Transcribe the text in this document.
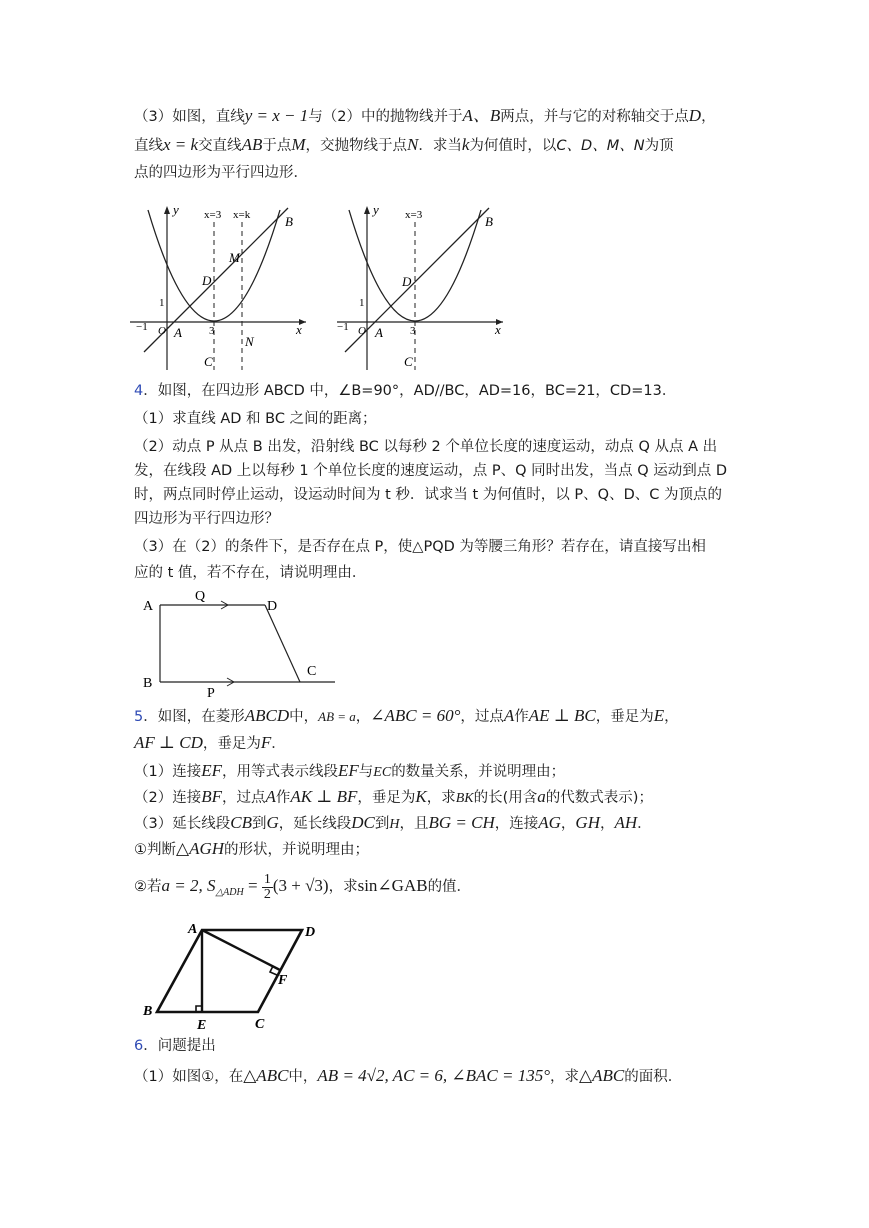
（3）如图，直线y = x − 1与（2）中的抛物线并于A、B两点，并与它的对称轴交于点D，
直线x = k交直线AB于点M，交抛物线于点N．求当k为何值时，以C、D、M、N为顶
点的四边形为平行四边形．
y
x
O
−1
1
3
A
B
C
D
M
N
x=3 x=k	y
x
O
−1
1
3
A
B
C
D
x=3
4．如图，在四边形 ABCD 中，∠B=90°，AD//BC，AD=16，BC=21，CD=13．
（1）求直线 AD 和 BC 之间的距离；
（2）动点 P 从点 B 出发，沿射线 BC 以每秒 2 个单位长度的速度运动，动点 Q 从点 A 出
发，在线段 AD 上以每秒 1 个单位长度的速度运动，点 P、Q 同时出发，当点 Q 运动到点 D
时，两点同时停止运动，设运动时间为 t 秒．试求当 t 为何值时，以 P、Q、D、C 为顶点的
四边形为平行四边形？
（3）在（2）的条件下，是否存在点 P，使△PQD 为等腰三角形？若存在，请直接写出相
应的 t 值，若不存在，请说明理由．
A
B
C
D
P
Q
5．如图，在菱形ABCD中，AB = a，∠ABC = 60°，过点A作AE ⊥ BC，垂足为E，
AF ⊥ CD，垂足为F．
（1）连接EF，用等式表示线段EF与EC的数量关系，并说明理由；
（2）连接BF，过点A作AK ⊥ BF，垂足为K，求BK的长(用含a的代数式表示)；
（3）延长线段CB到G，延长线段DC到H，且BG = CH，连接AG，GH，AH．
①判断△AGH的形状，并说明理由；
②若a = 2, $S_{\triangle ADH} = \frac{1}{2} (3 + √3)$，求sin∠GAB的值．
A
B
C
D
E
F
6．问题提出
（1）如图①，在△ABC中，AB = 4√2, AC = 6, ∠BAC = 135°，求△ABC的面积．
